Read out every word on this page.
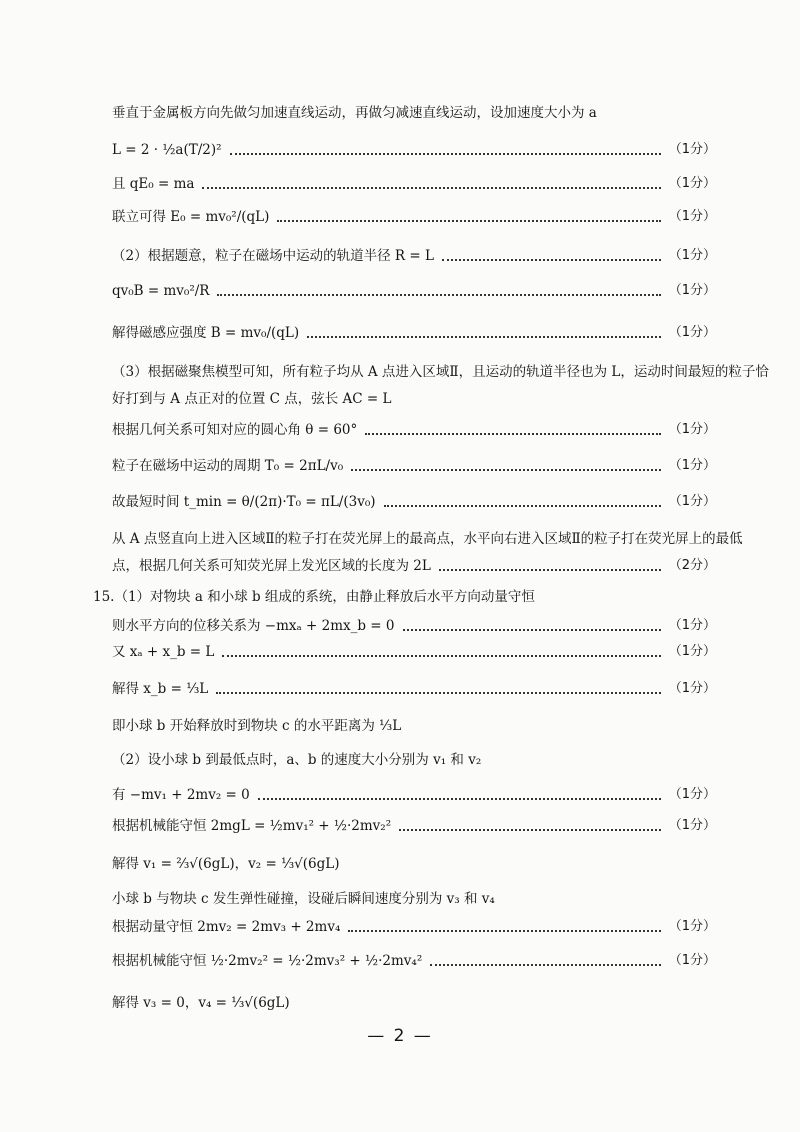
垂直于金属板方向先做匀加速直线运动，再做匀减速直线运动，设加速度大小为 a
L = 2 · ½a(T/2)²	（1分）
且 qE₀ = ma	（1分）
联立可得 E₀ = mv₀²/(qL)	（1分）
（2）根据题意，粒子在磁场中运动的轨道半径 R = L	（1分）
qv₀B = mv₀²/R	（1分）
解得磁感应强度 B = mv₀/(qL)	（1分）
（3）根据磁聚焦模型可知，所有粒子均从 A 点进入区域Ⅱ，且运动的轨道半径也为 L，运动时间最短的粒子恰
好打到与 A 点正对的位置 C 点，弦长 AC = L
根据几何关系可知对应的圆心角 θ = 60°	（1分）
粒子在磁场中运动的周期 T₀ = 2πL/v₀	（1分）
故最短时间 t_min = θ/(2π)·T₀ = πL/(3v₀)	（1分）
从 A 点竖直向上进入区域Ⅱ的粒子打在荧光屏上的最高点，水平向右进入区域Ⅱ的粒子打在荧光屏上的最低
点，根据几何关系可知荧光屏上发光区域的长度为 2L	（2分）
15.（1）对物块 a 和小球 b 组成的系统，由静止释放后水平方向动量守恒
则水平方向的位移关系为 −mxₐ + 2mx_b = 0	（1分）
又 xₐ + x_b = L	（1分）
解得 x_b = ⅓L	（1分）
即小球 b 开始释放时到物块 c 的水平距离为 ⅓L
（2）设小球 b 到最低点时，a、b 的速度大小分别为 v₁ 和 v₂
有 −mv₁ + 2mv₂ = 0	（1分）
根据机械能守恒 2mgL = ½mv₁² + ½·2mv₂²	（1分）
解得 v₁ = ⅔√(6gL)，v₂ = ⅓√(6gL)
小球 b 与物块 c 发生弹性碰撞，设碰后瞬间速度分别为 v₃ 和 v₄
根据动量守恒 2mv₂ = 2mv₃ + 2mv₄	（1分）
根据机械能守恒 ½·2mv₂² = ½·2mv₃² + ½·2mv₄²	（1分）
解得 v₃ = 0，v₄ = ⅓√(6gL)
— 2 —
